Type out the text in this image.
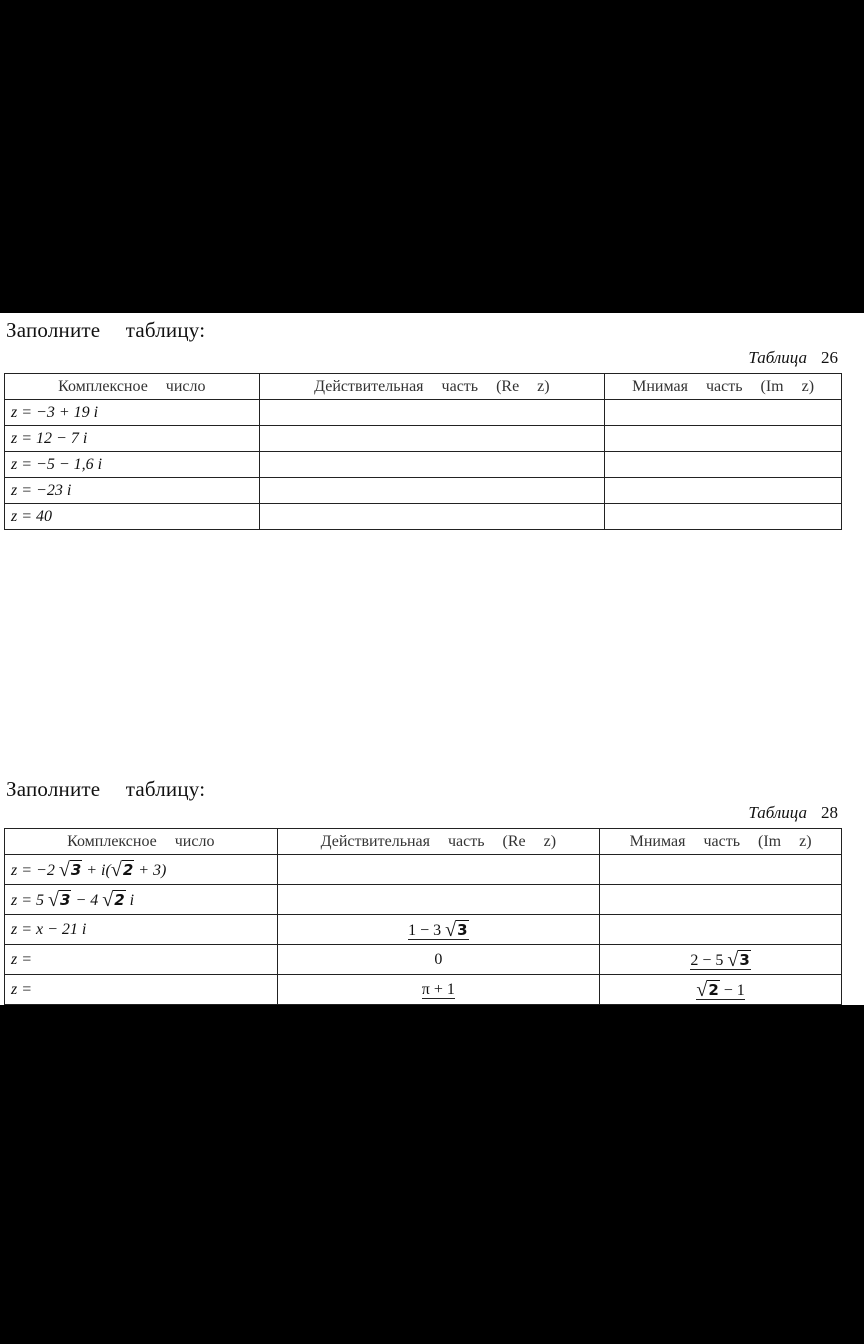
Заполните таблицу:
Таблица 26
Комплексное число	Действительная часть (Re z)	Мнимая часть (Im z)
z = −3 + 19 i		
z = 12 − 7 i		
z = −5 − 1,6 i		
z = −23 i		
z = 40		
Заполните таблицу:
Таблица 28
Комплексное число	Действительная часть (Re z)	Мнимая часть (Im z)
z = −2 √3 + i(√2 + 3)		
z = 5 √3 − 4 √2 i		
z = x − 21 i	1 − 3 √3	
z =	0	2 − 5 √3
z =	π + 1	√2 − 1
